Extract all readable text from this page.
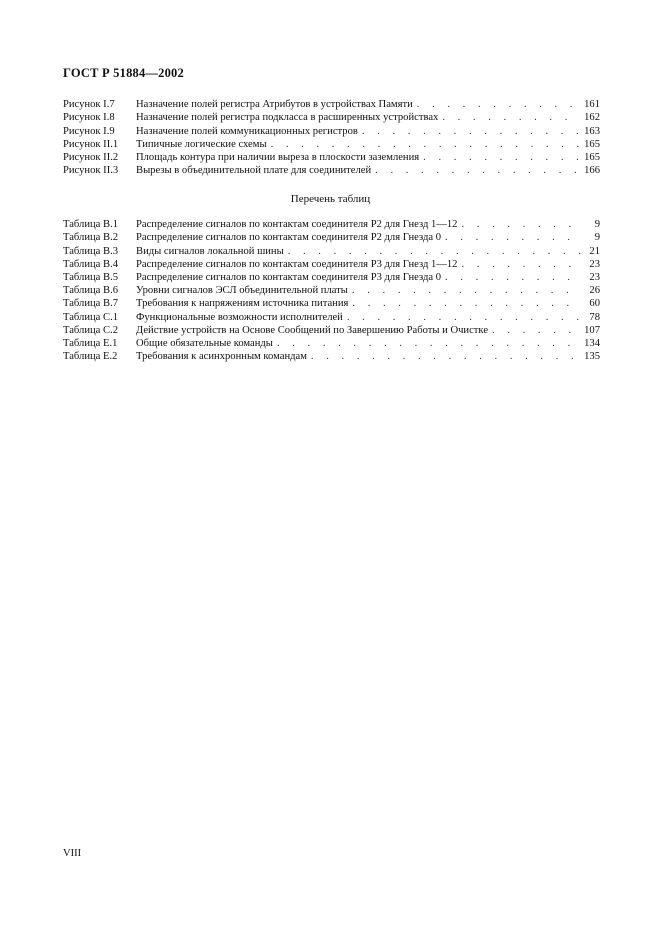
ГОСТ Р 51884—2002
Рисунок I.7	Назначение полей регистра Атрибутов в устройствах Памяти . . .	161
Рисунок I.8	Назначение полей регистра подкласса в расширенных устройствах . . .	162
Рисунок I.9	Назначение полей коммуникационных регистров . . .	163
Рисунок II.1	Типичные логические схемы . . .	165
Рисунок II.2	Площадь контура при наличии выреза в плоскости заземления . . .	165
Рисунок II.3	Вырезы в объединительной плате для соединителей . . .	166
Перечень таблиц
Таблица B.1	Распределение сигналов по контактам соединителя P2 для Гнезд 1—12 . . .	9
Таблица B.2	Распределение сигналов по контактам соединителя P2 для Гнезда 0 . . .	9
Таблица B.3	Виды сигналов локальной шины . . .	21
Таблица B.4	Распределение сигналов по контактам соединителя P3 для Гнезд 1—12 . . .	23
Таблица B.5	Распределение сигналов по контактам соединителя P3 для Гнезда 0 . . .	23
Таблица B.6	Уровни сигналов ЭСЛ объединительной платы . . .	26
Таблица B.7	Требования к напряжениям источника питания . . .	60
Таблица C.1	Функциональные возможности исполнителей . . .	78
Таблица C.2	Действие устройств на Основе Сообщений по Завершению Работы и Очистке . . .	107
Таблица E.1	Общие обязательные команды . . .	134
Таблица E.2	Требования к асинхронным командам . . .	135
VIII
